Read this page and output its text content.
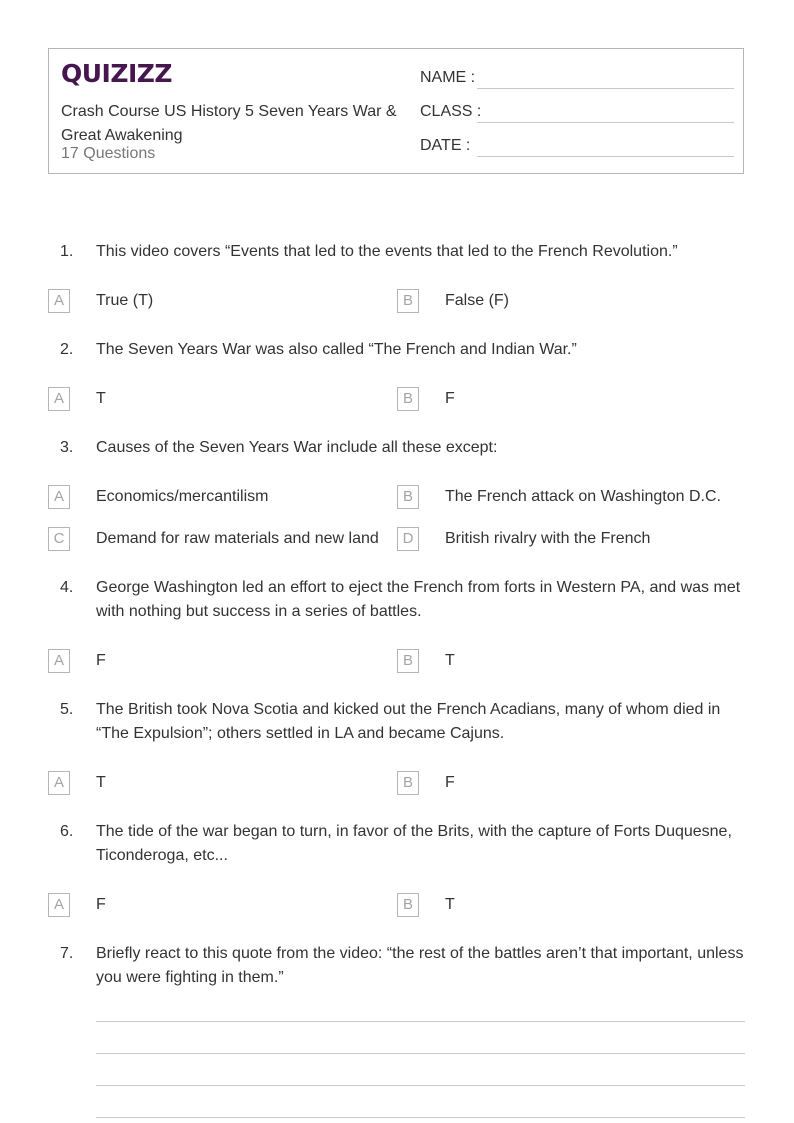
QUIZIZZ
Crash Course US History 5 Seven Years War & Great Awakening
17 Questions
NAME :
CLASS :
DATE :
1.	This video covers “Events that led to the events that led to the French Revolution.”
A	True (T)	B	False (F)
2.	The Seven Years War was also called “The French and Indian War.”
A	T	B	F
3.	Causes of the Seven Years War include all these except:
A	Economics/mercantilism	B	The French attack on Washington D.C.
C	Demand for raw materials and new land	D	British rivalry with the French
4.	George Washington led an effort to eject the French from forts in Western PA, and was met with nothing but success in a series of battles.
A	F	B	T
5.	The British took Nova Scotia and kicked out the French Acadians, many of whom died in “The Expulsion”; others settled in LA and became Cajuns.
A	T	B	F
6.	The tide of the war began to turn, in favor of the Brits, with the capture of Forts Duquesne, Ticonderoga, etc...
A	F	B	T
7.	Briefly react to this quote from the video: “the rest of the battles aren’t that important, unless you were fighting in them.”
